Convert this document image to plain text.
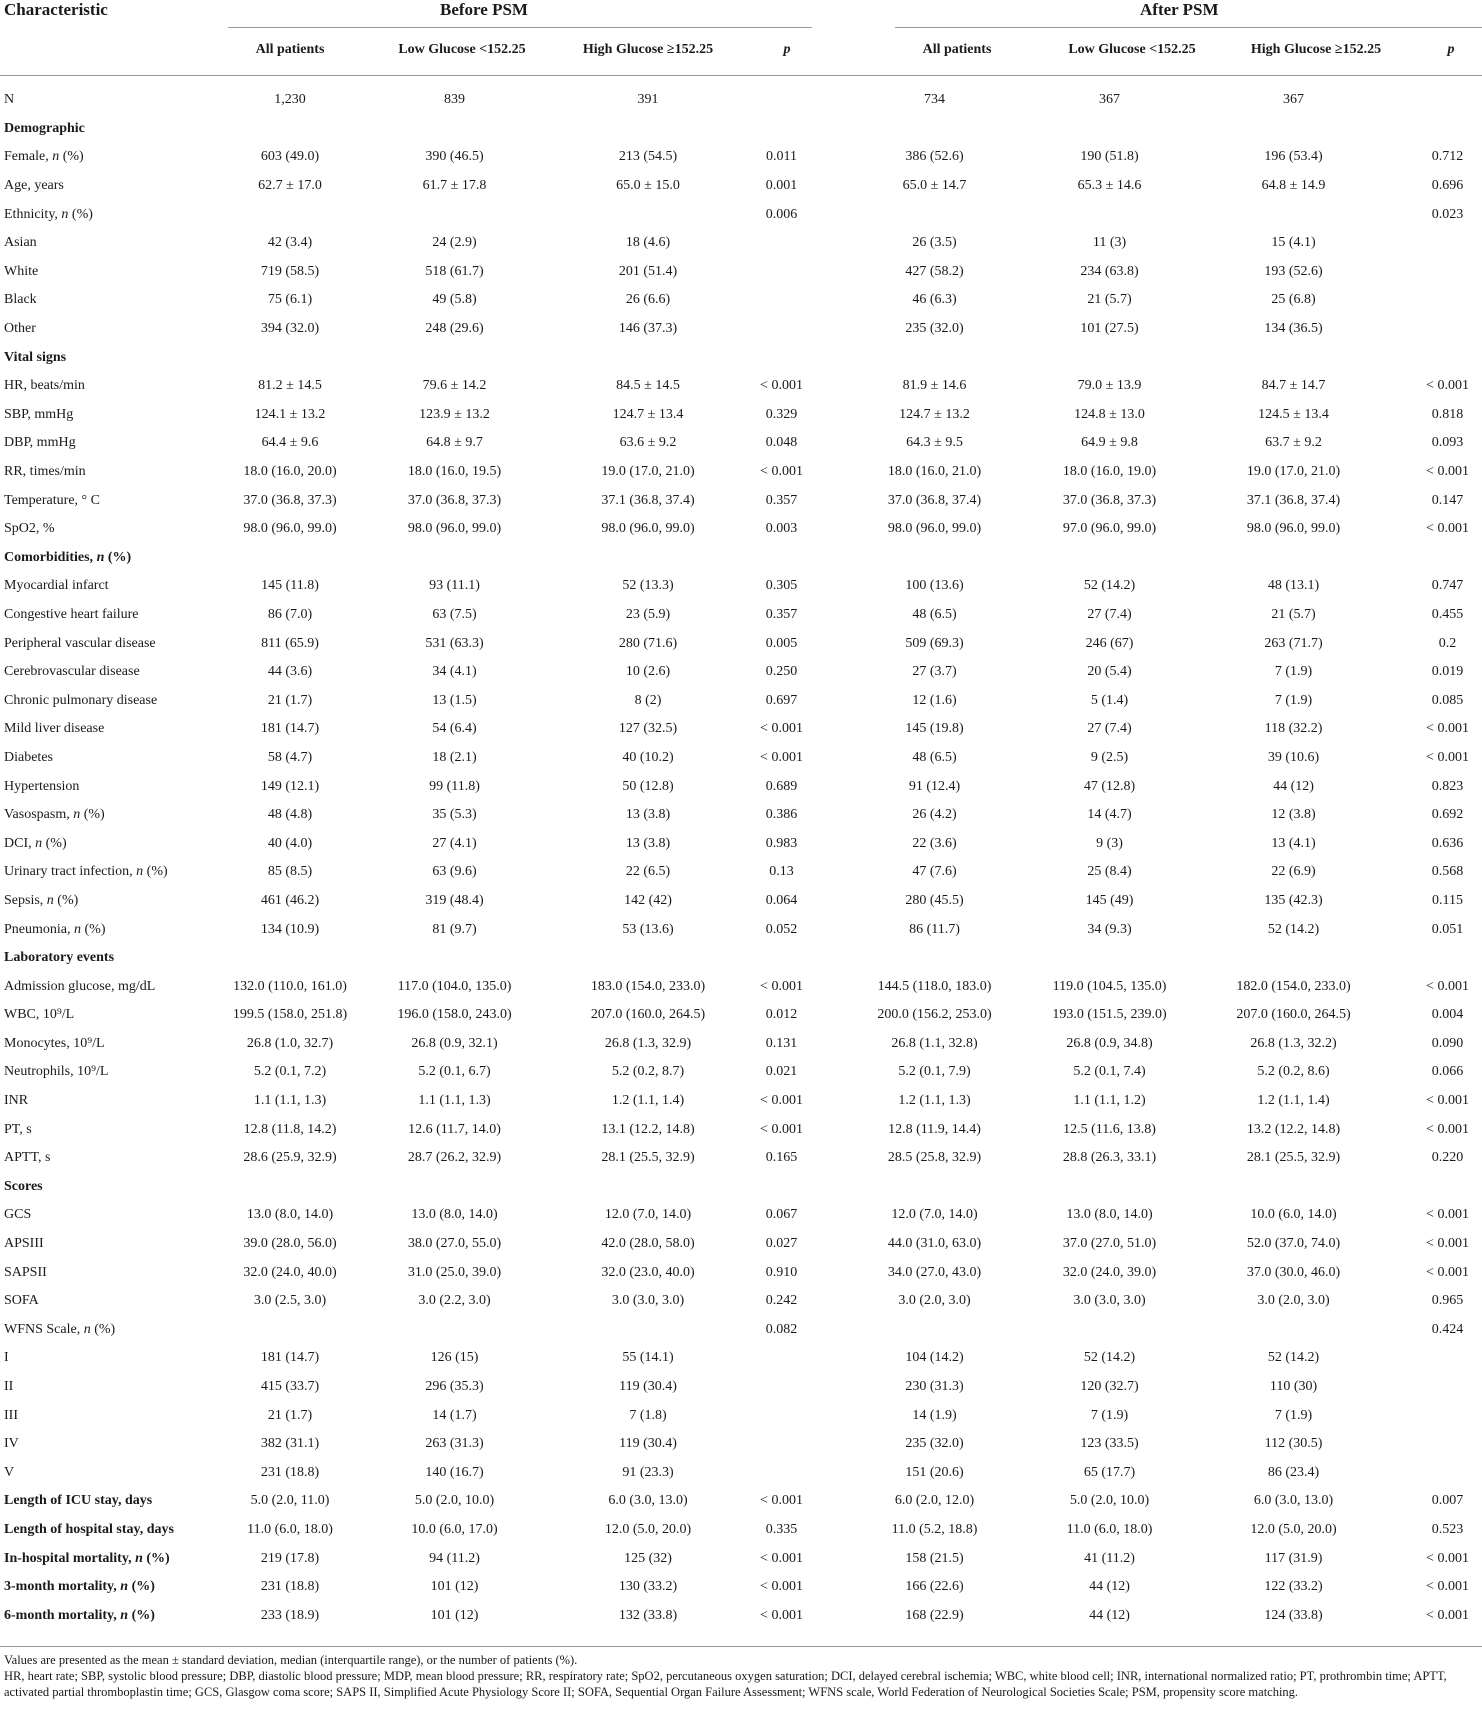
Characteristic	Before PSM	After PSM
All patients	Low Glucose <152.25	High Glucose ≥152.25	p	All patients	Low Glucose <152.25	High Glucose ≥152.25	p
N	1,230	839	391		734	367	367	
Demographic								
Female, n (%)	603 (49.0)	390 (46.5)	213 (54.5)	0.011	386 (52.6)	190 (51.8)	196 (53.4)	0.712
Age, years	62.7 ± 17.0	61.7 ± 17.8	65.0 ± 15.0	0.001	65.0 ± 14.7	65.3 ± 14.6	64.8 ± 14.9	0.696
Ethnicity, n (%)				0.006				0.023
Asian	42 (3.4)	24 (2.9)	18 (4.6)		26 (3.5)	11 (3)	15 (4.1)	
White	719 (58.5)	518 (61.7)	201 (51.4)		427 (58.2)	234 (63.8)	193 (52.6)	
Black	75 (6.1)	49 (5.8)	26 (6.6)		46 (6.3)	21 (5.7)	25 (6.8)	
Other	394 (32.0)	248 (29.6)	146 (37.3)		235 (32.0)	101 (27.5)	134 (36.5)	
Vital signs								
HR, beats/min	81.2 ± 14.5	79.6 ± 14.2	84.5 ± 14.5	< 0.001	81.9 ± 14.6	79.0 ± 13.9	84.7 ± 14.7	< 0.001
SBP, mmHg	124.1 ± 13.2	123.9 ± 13.2	124.7 ± 13.4	0.329	124.7 ± 13.2	124.8 ± 13.0	124.5 ± 13.4	0.818
DBP, mmHg	64.4 ± 9.6	64.8 ± 9.7	63.6 ± 9.2	0.048	64.3 ± 9.5	64.9 ± 9.8	63.7 ± 9.2	0.093
RR, times/min	18.0 (16.0, 20.0)	18.0 (16.0, 19.5)	19.0 (17.0, 21.0)	< 0.001	18.0 (16.0, 21.0)	18.0 (16.0, 19.0)	19.0 (17.0, 21.0)	< 0.001
Temperature, ° C	37.0 (36.8, 37.3)	37.0 (36.8, 37.3)	37.1 (36.8, 37.4)	0.357	37.0 (36.8, 37.4)	37.0 (36.8, 37.3)	37.1 (36.8, 37.4)	0.147
SpO2, %	98.0 (96.0, 99.0)	98.0 (96.0, 99.0)	98.0 (96.0, 99.0)	0.003	98.0 (96.0, 99.0)	97.0 (96.0, 99.0)	98.0 (96.0, 99.0)	< 0.001
Comorbidities, n (%)								
Myocardial infarct	145 (11.8)	93 (11.1)	52 (13.3)	0.305	100 (13.6)	52 (14.2)	48 (13.1)	0.747
Congestive heart failure	86 (7.0)	63 (7.5)	23 (5.9)	0.357	48 (6.5)	27 (7.4)	21 (5.7)	0.455
Peripheral vascular disease	811 (65.9)	531 (63.3)	280 (71.6)	0.005	509 (69.3)	246 (67)	263 (71.7)	0.2
Cerebrovascular disease	44 (3.6)	34 (4.1)	10 (2.6)	0.250	27 (3.7)	20 (5.4)	7 (1.9)	0.019
Chronic pulmonary disease	21 (1.7)	13 (1.5)	8 (2)	0.697	12 (1.6)	5 (1.4)	7 (1.9)	0.085
Mild liver disease	181 (14.7)	54 (6.4)	127 (32.5)	< 0.001	145 (19.8)	27 (7.4)	118 (32.2)	< 0.001
Diabetes	58 (4.7)	18 (2.1)	40 (10.2)	< 0.001	48 (6.5)	9 (2.5)	39 (10.6)	< 0.001
Hypertension	149 (12.1)	99 (11.8)	50 (12.8)	0.689	91 (12.4)	47 (12.8)	44 (12)	0.823
Vasospasm, n (%)	48 (4.8)	35 (5.3)	13 (3.8)	0.386	26 (4.2)	14 (4.7)	12 (3.8)	0.692
DCI, n (%)	40 (4.0)	27 (4.1)	13 (3.8)	0.983	22 (3.6)	9 (3)	13 (4.1)	0.636
Urinary tract infection, n (%)	85 (8.5)	63 (9.6)	22 (6.5)	0.13	47 (7.6)	25 (8.4)	22 (6.9)	0.568
Sepsis, n (%)	461 (46.2)	319 (48.4)	142 (42)	0.064	280 (45.5)	145 (49)	135 (42.3)	0.115
Pneumonia, n (%)	134 (10.9)	81 (9.7)	53 (13.6)	0.052	86 (11.7)	34 (9.3)	52 (14.2)	0.051
Laboratory events								
Admission glucose, mg/dL	132.0 (110.0, 161.0)	117.0 (104.0, 135.0)	183.0 (154.0, 233.0)	< 0.001	144.5 (118.0, 183.0)	119.0 (104.5, 135.0)	182.0 (154.0, 233.0)	< 0.001
WBC, 10⁹/L	199.5 (158.0, 251.8)	196.0 (158.0, 243.0)	207.0 (160.0, 264.5)	0.012	200.0 (156.2, 253.0)	193.0 (151.5, 239.0)	207.0 (160.0, 264.5)	0.004
Monocytes, 10⁹/L	26.8 (1.0, 32.7)	26.8 (0.9, 32.1)	26.8 (1.3, 32.9)	0.131	26.8 (1.1, 32.8)	26.8 (0.9, 34.8)	26.8 (1.3, 32.2)	0.090
Neutrophils, 10⁹/L	5.2 (0.1, 7.2)	5.2 (0.1, 6.7)	5.2 (0.2, 8.7)	0.021	5.2 (0.1, 7.9)	5.2 (0.1, 7.4)	5.2 (0.2, 8.6)	0.066
INR	1.1 (1.1, 1.3)	1.1 (1.1, 1.3)	1.2 (1.1, 1.4)	< 0.001	1.2 (1.1, 1.3)	1.1 (1.1, 1.2)	1.2 (1.1, 1.4)	< 0.001
PT, s	12.8 (11.8, 14.2)	12.6 (11.7, 14.0)	13.1 (12.2, 14.8)	< 0.001	12.8 (11.9, 14.4)	12.5 (11.6, 13.8)	13.2 (12.2, 14.8)	< 0.001
APTT, s	28.6 (25.9, 32.9)	28.7 (26.2, 32.9)	28.1 (25.5, 32.9)	0.165	28.5 (25.8, 32.9)	28.8 (26.3, 33.1)	28.1 (25.5, 32.9)	0.220
Scores								
GCS	13.0 (8.0, 14.0)	13.0 (8.0, 14.0)	12.0 (7.0, 14.0)	0.067	12.0 (7.0, 14.0)	13.0 (8.0, 14.0)	10.0 (6.0, 14.0)	< 0.001
APSIII	39.0 (28.0, 56.0)	38.0 (27.0, 55.0)	42.0 (28.0, 58.0)	0.027	44.0 (31.0, 63.0)	37.0 (27.0, 51.0)	52.0 (37.0, 74.0)	< 0.001
SAPSII	32.0 (24.0, 40.0)	31.0 (25.0, 39.0)	32.0 (23.0, 40.0)	0.910	34.0 (27.0, 43.0)	32.0 (24.0, 39.0)	37.0 (30.0, 46.0)	< 0.001
SOFA	3.0 (2.5, 3.0)	3.0 (2.2, 3.0)	3.0 (3.0, 3.0)	0.242	3.0 (2.0, 3.0)	3.0 (3.0, 3.0)	3.0 (2.0, 3.0)	0.965
WFNS Scale, n (%)				0.082				0.424
I	181 (14.7)	126 (15)	55 (14.1)		104 (14.2)	52 (14.2)	52 (14.2)	
II	415 (33.7)	296 (35.3)	119 (30.4)		230 (31.3)	120 (32.7)	110 (30)	
III	21 (1.7)	14 (1.7)	7 (1.8)		14 (1.9)	7 (1.9)	7 (1.9)	
IV	382 (31.1)	263 (31.3)	119 (30.4)		235 (32.0)	123 (33.5)	112 (30.5)	
V	231 (18.8)	140 (16.7)	91 (23.3)		151 (20.6)	65 (17.7)	86 (23.4)	
Length of ICU stay, days	5.0 (2.0, 11.0)	5.0 (2.0, 10.0)	6.0 (3.0, 13.0)	< 0.001	6.0 (2.0, 12.0)	5.0 (2.0, 10.0)	6.0 (3.0, 13.0)	0.007
Length of hospital stay, days	11.0 (6.0, 18.0)	10.0 (6.0, 17.0)	12.0 (5.0, 20.0)	0.335	11.0 (5.2, 18.8)	11.0 (6.0, 18.0)	12.0 (5.0, 20.0)	0.523
In-hospital mortality, n (%)	219 (17.8)	94 (11.2)	125 (32)	< 0.001	158 (21.5)	41 (11.2)	117 (31.9)	< 0.001
3-month mortality, n (%)	231 (18.8)	101 (12)	130 (33.2)	< 0.001	166 (22.6)	44 (12)	122 (33.2)	< 0.001
6-month mortality, n (%)	233 (18.9)	101 (12)	132 (33.8)	< 0.001	168 (22.9)	44 (12)	124 (33.8)	< 0.001

Values are presented as the mean ± standard deviation, median (interquartile range), or the number of patients (%).

HR, heart rate; SBP, systolic blood pressure; DBP, diastolic blood pressure; MDP, mean blood pressure; RR, respiratory rate; SpO2, percutaneous oxygen saturation; DCI, delayed cerebral ischemia; WBC, white blood cell; INR, international normalized ratio; PT, prothrombin time; APTT, activated partial thromboplastin time; GCS, Glasgow coma score; SAPS II, Simplified Acute Physiology Score II; SOFA, Sequential Organ Failure Assessment; WFNS scale, World Federation of Neurological Societies Scale; PSM, propensity score matching.
